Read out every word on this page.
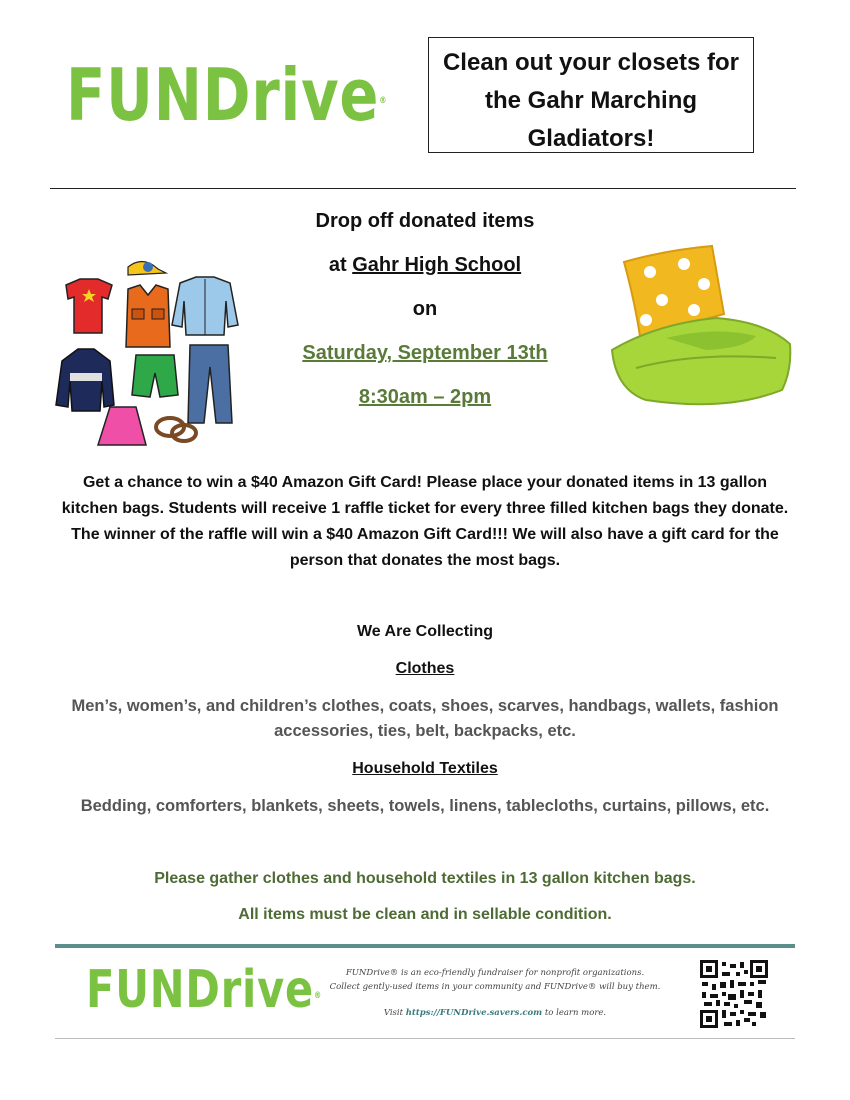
FUNDrive®
Clean out your closets for the Gahr Marching Gladiators!
Drop off donated items
at Gahr High School
on
Saturday, September 13th
8:30am – 2pm
Get a chance to win a $40 Amazon Gift Card! Please place your donated items in 13 gallon kitchen bags. Students will receive 1 raffle ticket for every three filled kitchen bags they donate. The winner of the raffle will win a $40 Amazon Gift Card!!! We will also have a gift card for the person that donates the most bags.
We Are Collecting
Clothes
Men’s, women’s, and children’s clothes, coats, shoes, scarves, handbags, wallets, fashion accessories, ties, belt, backpacks, etc.
Household Textiles
Bedding, comforters, blankets, sheets, towels, linens, tablecloths, curtains, pillows, etc.
Please gather clothes and household textiles in 13 gallon kitchen bags.
All items must be clean and in sellable condition.
FUNDrive®
FUNDrive® is an eco-friendly fundraiser for nonprofit organizations.
Collect gently-used items in your community and FUNDrive® will buy them.
Visit https://FUNDrive.savers.com to learn more.
